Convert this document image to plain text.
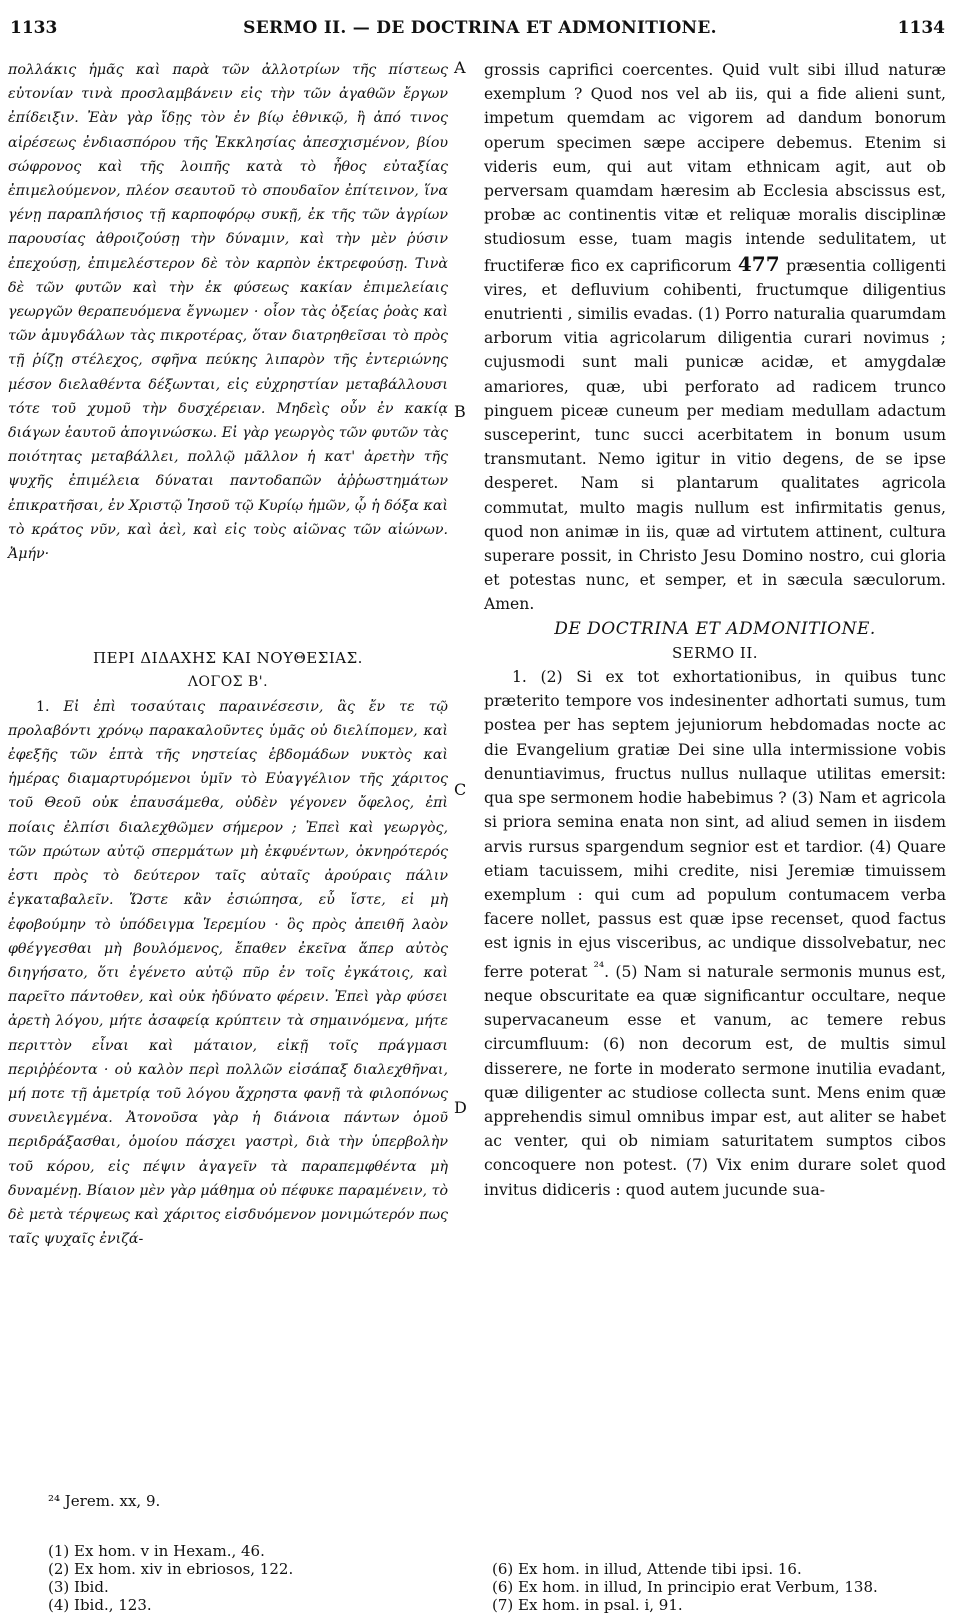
1133	SERMO II. — DE DOCTRINA ET ADMONITIONE.	1134

πολλάκις ἡμᾶς καὶ παρὰ τῶν ἀλλοτρίων τῆς πίστεως εὐτονίαν τινὰ προσλαμβάνειν εἰς τὴν τῶν ἀγαθῶν ἔργων ἐπίδειξιν. Ἐὰν γὰρ ἴδῃς τὸν ἐν βίῳ ἐθνικῷ, ἢ ἀπό τινος αἱρέσεως ἐνδιασπόρου τῆς Ἐκκλησίας ἀπεσχισμένον, βίου σώφρονος καὶ τῆς λοιπῆς κατὰ τὸ ἦθος εὐταξίας ἐπιμελούμενον, πλέον σεαυτοῦ τὸ σπουδαῖον ἐπίτεινον, ἵνα γένῃ παραπλήσιος τῇ καρποφόρῳ συκῇ, ἐκ τῆς τῶν ἀγρίων παρουσίας ἀθροιζούσῃ τὴν δύναμιν, καὶ τὴν μὲν ῥύσιν ἐπεχούσῃ, ἐπιμελέστερον δὲ τὸν καρπὸν ἐκτρεφούσῃ. Τινὰ δὲ τῶν φυτῶν καὶ τὴν ἐκ φύσεως κακίαν ἐπιμελείαις γεωργῶν θεραπευόμενα ἔγνωμεν · οἷον τὰς ὀξείας ῥοὰς καὶ τῶν ἀμυγδάλων τὰς πικροτέρας, ὅταν διατρηθεῖσαι τὸ πρὸς τῇ ῥίζῃ στέλεχος, σφῆνα πεύκης λιπαρὸν τῆς ἐντεριώνης μέσον διελαθέντα δέξωνται, εἰς εὐχρηστίαν μεταβάλλουσι τότε τοῦ χυμοῦ τὴν δυσχέρειαν. Μηδεὶς οὖν ἐν κακίᾳ διάγων ἑαυτοῦ ἀπογινώσκω. Εἰ γὰρ γεωργὸς τῶν φυτῶν τὰς ποιότητας μεταβάλλει, πολλῷ μᾶλλον ἡ κατ' ἀρετὴν τῆς ψυχῆς ἐπιμέλεια δύναται παντοδαπῶν ἀῤῥωστημάτων ἐπικρατῆσαι, ἐν Χριστῷ Ἰησοῦ τῷ Κυρίῳ ἡμῶν, ᾧ ἡ δόξα καὶ τὸ κράτος νῦν, καὶ ἀεὶ, καὶ εἰς τοὺς αἰῶνας τῶν αἰώνων. Ἀμήν·

ΠΕΡΙ ΔΙΔΑΧΗΣ ΚΑΙ ΝΟΥΘΕΣΙΑΣ.

ΛΟΓΟΣ Β'.

1. Εἰ ἐπὶ τοσαύταις παραινέσεσιν, ἃς ἔν τε τῷ προλαβόντι χρόνῳ παρακαλοῦντες ὑμᾶς οὐ διελίπομεν, καὶ ἐφεξῆς τῶν ἑπτὰ τῆς νηστείας ἑβδομάδων νυκτὸς καὶ ἡμέρας διαμαρτυρόμενοι ὑμῖν τὸ Εὐαγγέλιον τῆς χάριτος τοῦ Θεοῦ οὐκ ἐπαυσάμεθα, οὐδὲν γέγονεν ὄφελος, ἐπὶ ποίαις ἐλπίσι διαλεχθῶμεν σήμερον ; Ἐπεὶ καὶ γεωργὸς, τῶν πρώτων αὐτῷ σπερμάτων μὴ ἐκφυέντων, ὀκνηρότερός ἐστι πρὸς τὸ δεύτερον ταῖς αὐταῖς ἀρούραις πάλιν ἐγκαταβαλεῖν. Ὥστε κἂν ἐσιώπησα, εὖ ἴστε, εἰ μὴ ἐφοβούμην τὸ ὑπόδειγμα Ἱερεμίου · ὃς πρὸς ἀπειθῆ λαὸν φθέγγεσθαι μὴ βουλόμενος, ἔπαθεν ἐκεῖνα ἅπερ αὐτὸς διηγήσατο, ὅτι ἐγένετο αὐτῷ πῦρ ἐν τοῖς ἐγκάτοις, καὶ παρεῖτο πάντοθεν, καὶ οὐκ ἠδύνατο φέρειν. Ἐπεὶ γὰρ φύσει ἀρετὴ λόγου, μήτε ἀσαφείᾳ κρύπτειν τὰ σημαινόμενα, μήτε περιττὸν εἶναι καὶ μάταιον, εἰκῇ τοῖς πράγμασι περιῤῥέοντα · οὐ καλὸν περὶ πολλῶν εἰσάπαξ διαλεχθῆναι, μή ποτε τῇ ἀμετρίᾳ τοῦ λόγου ἄχρηστα φανῇ τὰ φιλοπόνως συνειλεγμένα. Ἀτονοῦσα γὰρ ἡ διάνοια πάντων ὁμοῦ περιδράξασθαι, ὁμοίου πάσχει γαστρὶ, διὰ τὴν ὑπερβολὴν τοῦ κόρου, εἰς πέψιν ἀγαγεῖν τὰ παραπεμφθέντα μὴ δυναμένῃ. Βίαιον μὲν γὰρ μάθημα οὐ πέφυκε παραμένειν, τὸ δὲ μετὰ τέρψεως καὶ χάριτος εἰσδυόμενον μονιμώτερόν πως ταῖς ψυχαῖς ἐνιζά-

A
B
C
D

grossis caprifici coercentes. Quid vult sibi illud naturæ exemplum ? Quod nos vel ab iis, qui a fide alieni sunt, impetum quemdam ac vigorem ad dandum bonorum operum specimen sæpe accipere debemus. Etenim si videris eum, qui aut vitam ethnicam agit, aut ob perversam quamdam hæresim ab Ecclesia abscissus est, probæ ac continentis vitæ et reliquæ moralis disciplinæ studiosum esse, tuam magis intende sedulitatem, ut fructiferæ fico ex caprificorum 477 præsentia colligenti vires, et defluvium cohibenti, fructumque diligentius enutrienti , similis evadas. (1) Porro naturalia quarumdam arborum vitia agricolarum diligentia curari novimus ; cujusmodi sunt mali punicæ acidæ, et amygdalæ amariores, quæ, ubi perforato ad radicem trunco pinguem piceæ cuneum per mediam medullam adactum susceperint, tunc succi acerbitatem in bonum usum transmutant. Nemo igitur in vitio degens, de se ipse desperet. Nam si plantarum qualitates agricola commutat, multo magis nullum est infirmitatis genus, quod non animæ in iis, quæ ad virtutem attinent, cultura superare possit, in Christo Jesu Domino nostro, cui gloria et potestas nunc, et semper, et in sæcula sæculorum. Amen.

DE DOCTRINA ET ADMONITIONE.

SERMO II.

1. (2) Si ex tot exhortationibus, in quibus tunc præterito tempore vos indesinenter adhortati sumus, tum postea per has septem jejuniorum hebdomadas nocte ac die Evangelium gratiæ Dei sine ulla intermissione vobis denuntiavimus, fructus nullus nullaque utilitas emersit: qua spe sermonem hodie habebimus ? (3) Nam et agricola si priora semina enata non sint, ad aliud semen in iisdem arvis rursus spargendum segnior est et tardior. (4) Quare etiam tacuissem, mihi credite, nisi Jeremiæ timuissem exemplum : qui cum ad populum contumacem verba facere nollet, passus est quæ ipse recenset, quod factus est ignis in ejus visceribus, ac undique dissolvebatur, nec ferre poterat $^{^{24}}$. (5) Nam si naturale sermonis munus est, neque obscuritate ea quæ significantur occultare, neque supervacaneum esse et vanum, ac temere rebus circumfluum: (6) non decorum est, de multis simul disserere, ne forte in moderato sermone inutilia evadant, quæ diligenter ac studiose collecta sunt. Mens enim quæ apprehendis simul omnibus impar est, aut aliter se habet ac venter, qui ob nimiam saturitatem sumptos cibos concoquere non potest. (7) Vix enim durare solet quod invitus didiceris : quod autem jucunde sua-

²⁴ Jerem. xx, 9.
(1) Ex hom. v in Hexam., 46.
(2) Ex hom. xiv in ebriosos, 122.
(3) Ibid.
(4) Ibid., 123.
(6) Ex hom. in illud, Attende tibi ipsi. 16.
(6) Ex hom. in illud, In principio erat Verbum, 138.
(7) Ex hom. in psal. i, 91.
